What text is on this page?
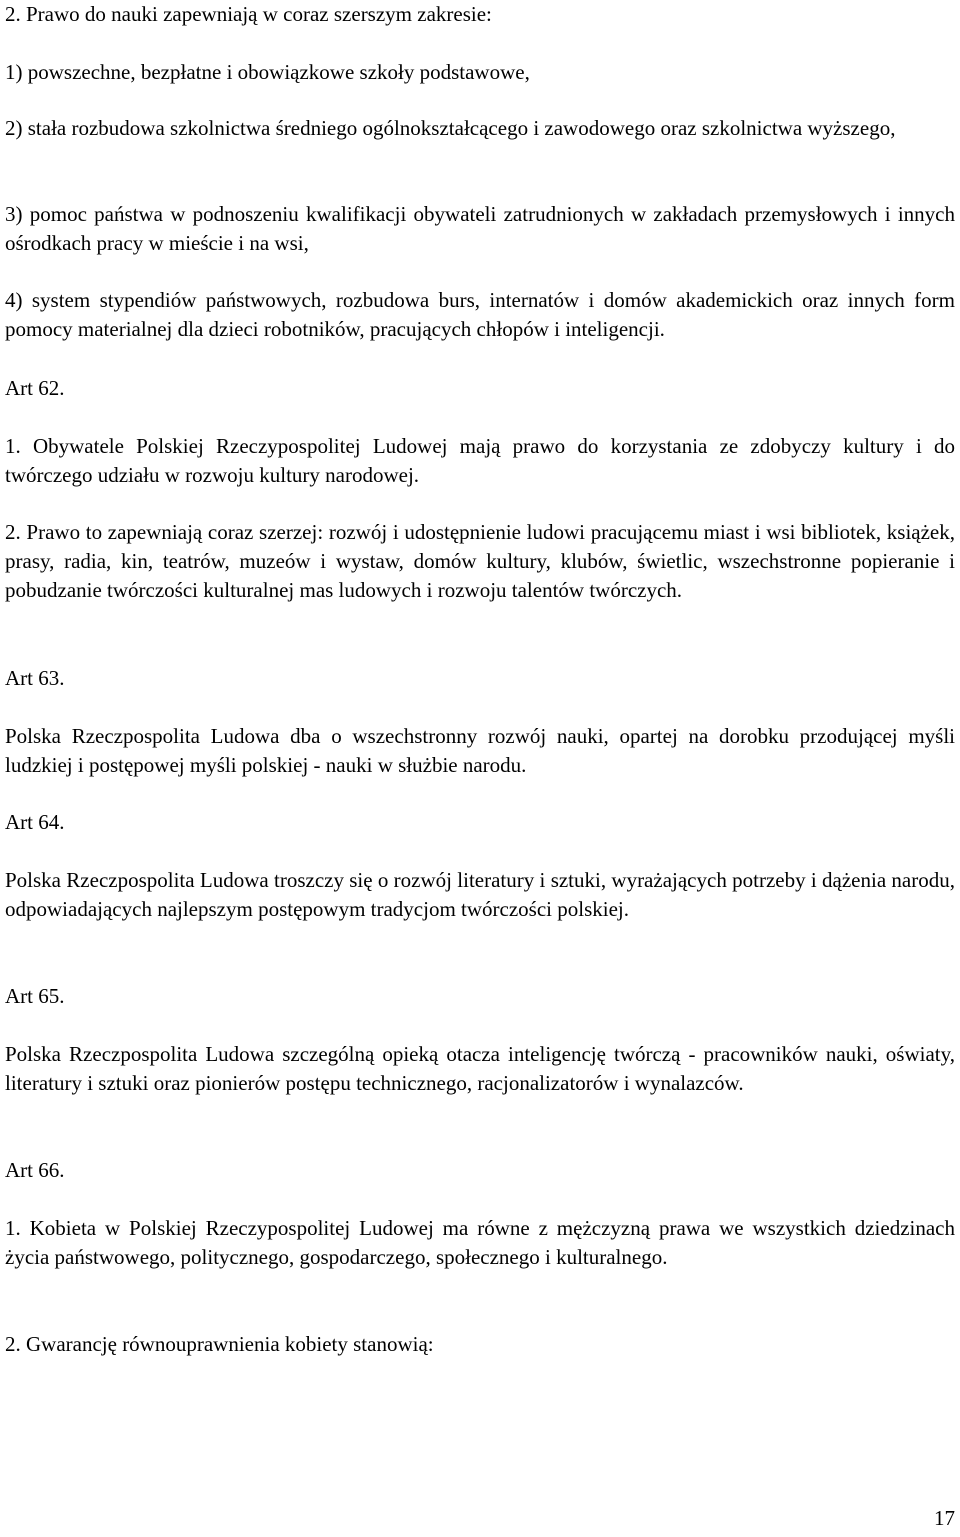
2. Prawo do nauki zapewniają w coraz szerszym zakresie:

1) powszechne, bezpłatne i obowiązkowe szkoły podstawowe,

2) stała rozbudowa szkolnictwa średniego ogólnokształcącego i zawodowego oraz szkolnictwa wyższego,

3) pomoc państwa w podnoszeniu kwalifikacji obywateli zatrudnionych w zakładach przemysłowych i innych ośrodkach pracy w mieście i na wsi,

4) system stypendiów państwowych, rozbudowa burs, internatów i domów akademickich oraz innych form pomocy materialnej dla dzieci robotników, pracujących chłopów i inteligencji.

Art 62.

1. Obywatele Polskiej Rzeczypospolitej Ludowej mają prawo do korzystania ze zdobyczy kultury i do twórczego udziału w rozwoju kultury narodowej.

2. Prawo to zapewniają coraz szerzej: rozwój i udostępnienie ludowi pracującemu miast i wsi bibliotek, książek, prasy, radia, kin, teatrów, muzeów i wystaw, domów kultury, klubów, świetlic, wszechstronne popieranie i pobudzanie twórczości kulturalnej mas ludowych i rozwoju talentów twórczych.

Art 63.

Polska Rzeczpospolita Ludowa dba o wszechstronny rozwój nauki, opartej na dorobku przodującej myśli ludzkiej i postępowej myśli polskiej - nauki w służbie narodu.

Art 64.

Polska Rzeczpospolita Ludowa troszczy się o rozwój literatury i sztuki, wyrażających potrzeby i dążenia narodu, odpowiadających najlepszym postępowym tradycjom twórczości polskiej.

Art 65.

Polska Rzeczpospolita Ludowa szczególną opieką otacza inteligencję twórczą - pracowników nauki, oświaty, literatury i sztuki oraz pionierów postępu technicznego, racjonalizatorów i wynalazców.

Art 66.

1. Kobieta w Polskiej Rzeczypospolitej Ludowej ma równe z mężczyzną prawa we wszystkich dziedzinach życia państwowego, politycznego, gospodarczego, społecznego i kulturalnego.

2. Gwarancję równouprawnienia kobiety stanowią:

17
